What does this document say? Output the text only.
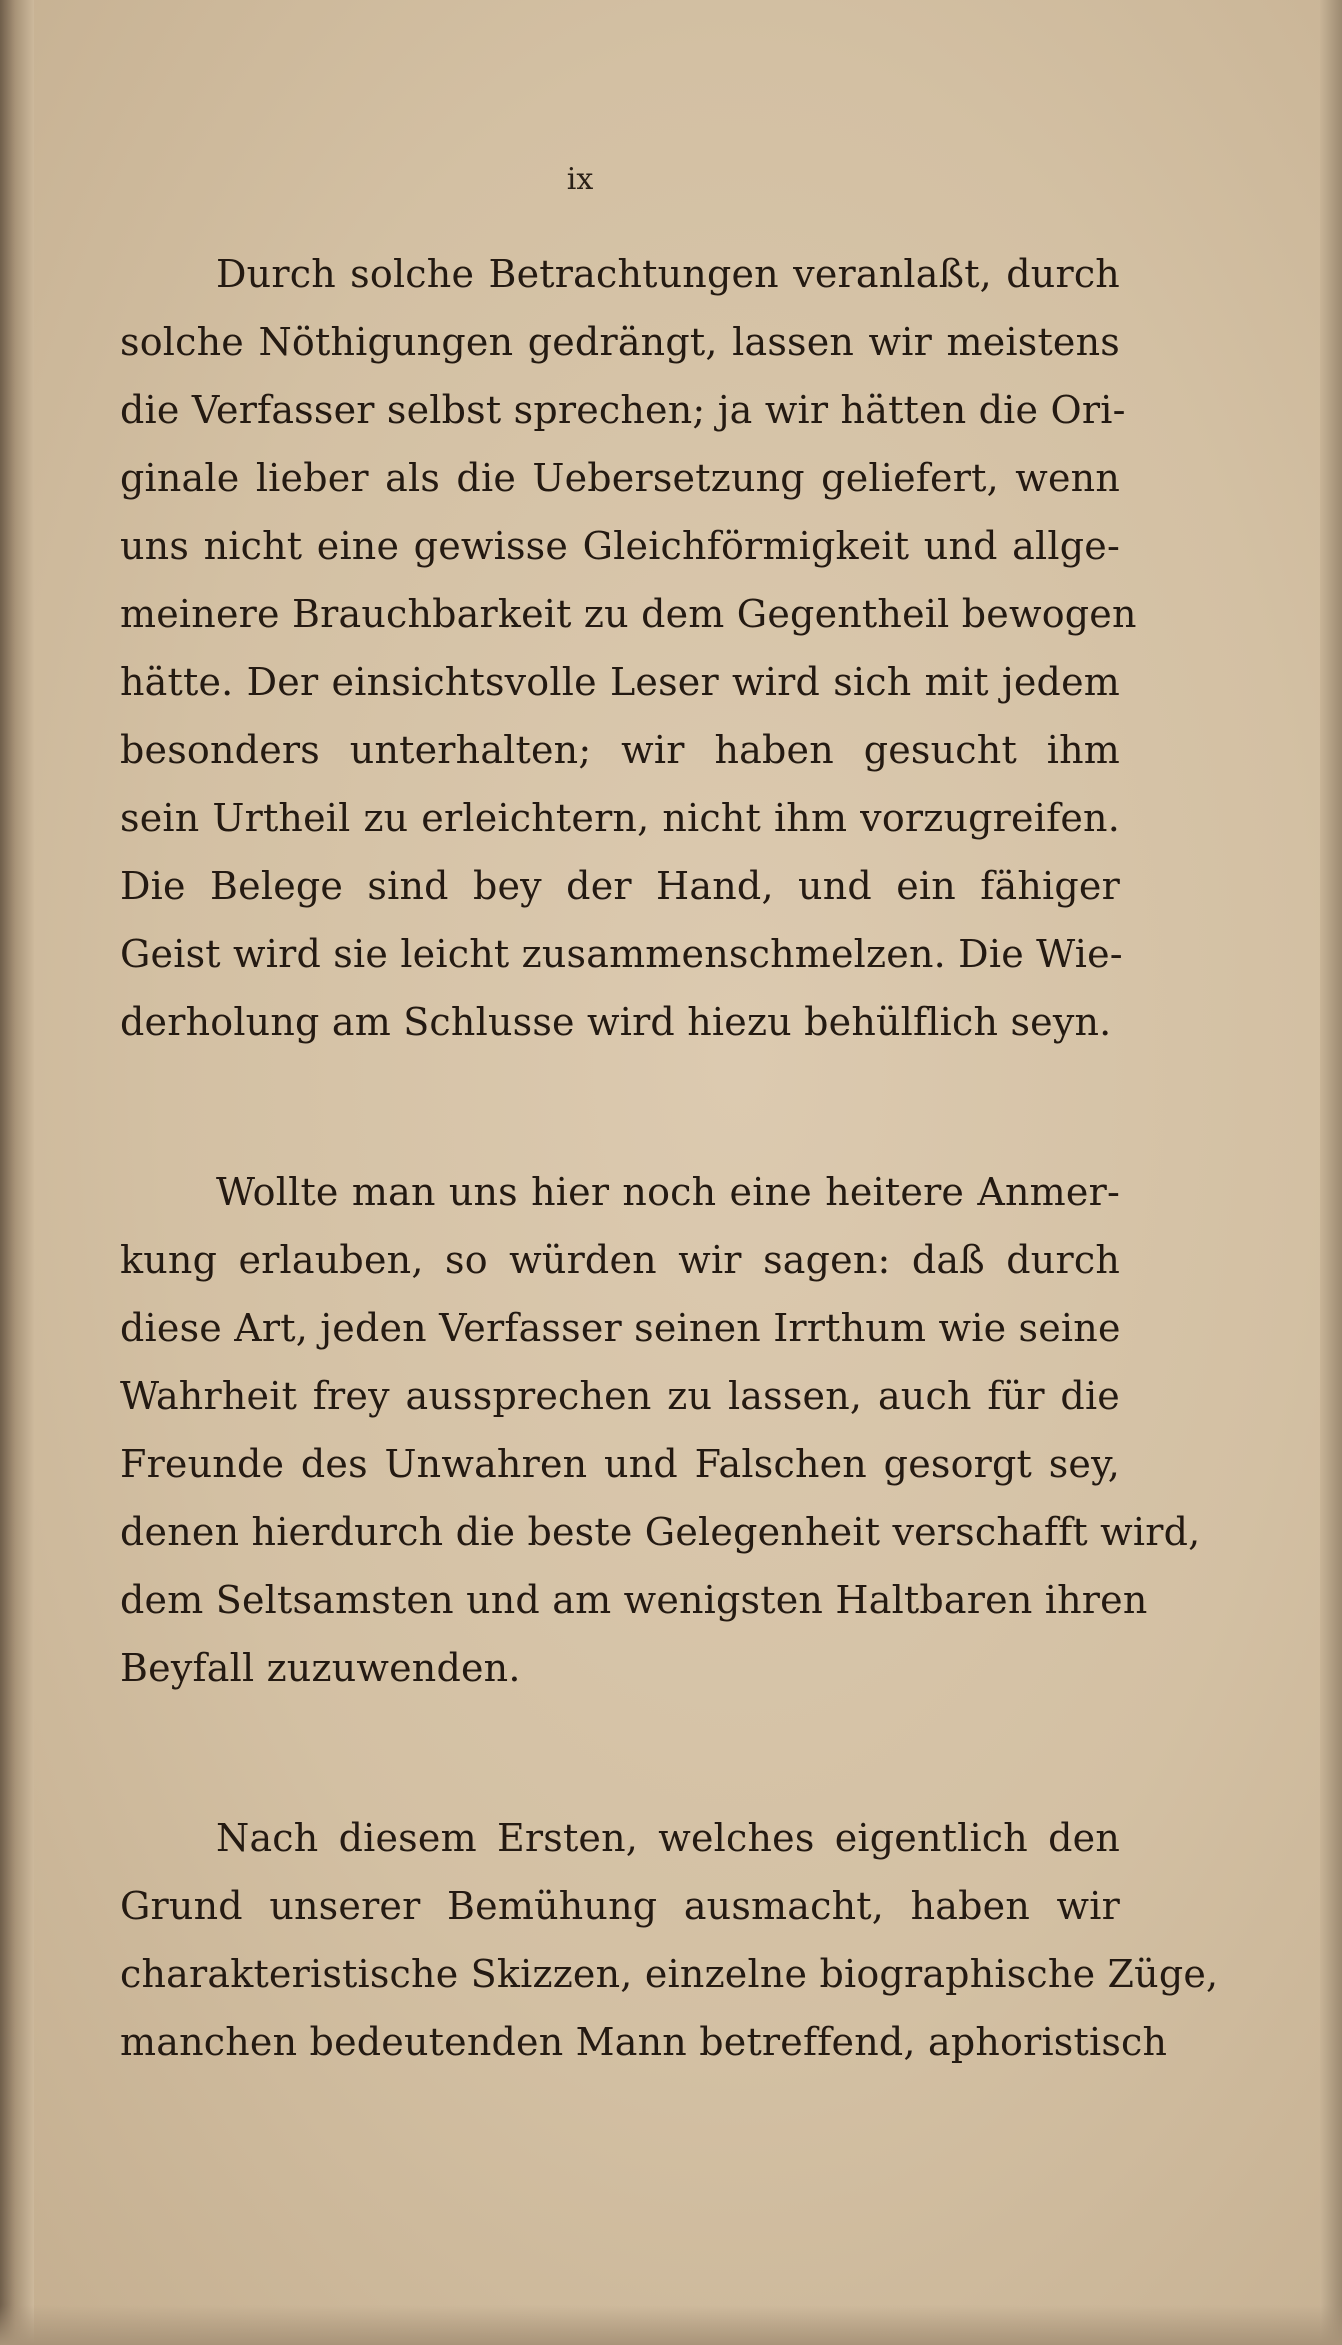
ix
Durch solche Betrachtungen veranlaßt, durch
solche Nöthigungen gedrängt, lassen wir meistens
die Verfasser selbst sprechen; ja wir hätten die Ori-
ginale lieber als die Uebersetzung geliefert, wenn
uns nicht eine gewisse Gleichförmigkeit und allge-
meinere Brauchbarkeit zu dem Gegentheil bewogen
hätte. Der einsichtsvolle Leser wird sich mit jedem
besonders unterhalten; wir haben gesucht ihm
sein Urtheil zu erleichtern, nicht ihm vorzugreifen.
Die Belege sind bey der Hand, und ein fähiger
Geist wird sie leicht zusammenschmelzen. Die Wie-
derholung am Schlusse wird hiezu behülflich seyn.
Wollte man uns hier noch eine heitere Anmer-
kung erlauben, so würden wir sagen: daß durch
diese Art, jeden Verfasser seinen Irrthum wie seine
Wahrheit frey aussprechen zu lassen, auch für die
Freunde des Unwahren und Falschen gesorgt sey,
denen hierdurch die beste Gelegenheit verschafft wird,
dem Seltsamsten und am wenigsten Haltbaren ihren
Beyfall zuzuwenden.
Nach diesem Ersten, welches eigentlich den
Grund unserer Bemühung ausmacht, haben wir
charakteristische Skizzen, einzelne biographische Züge,
manchen bedeutenden Mann betreffend, aphoristisch
